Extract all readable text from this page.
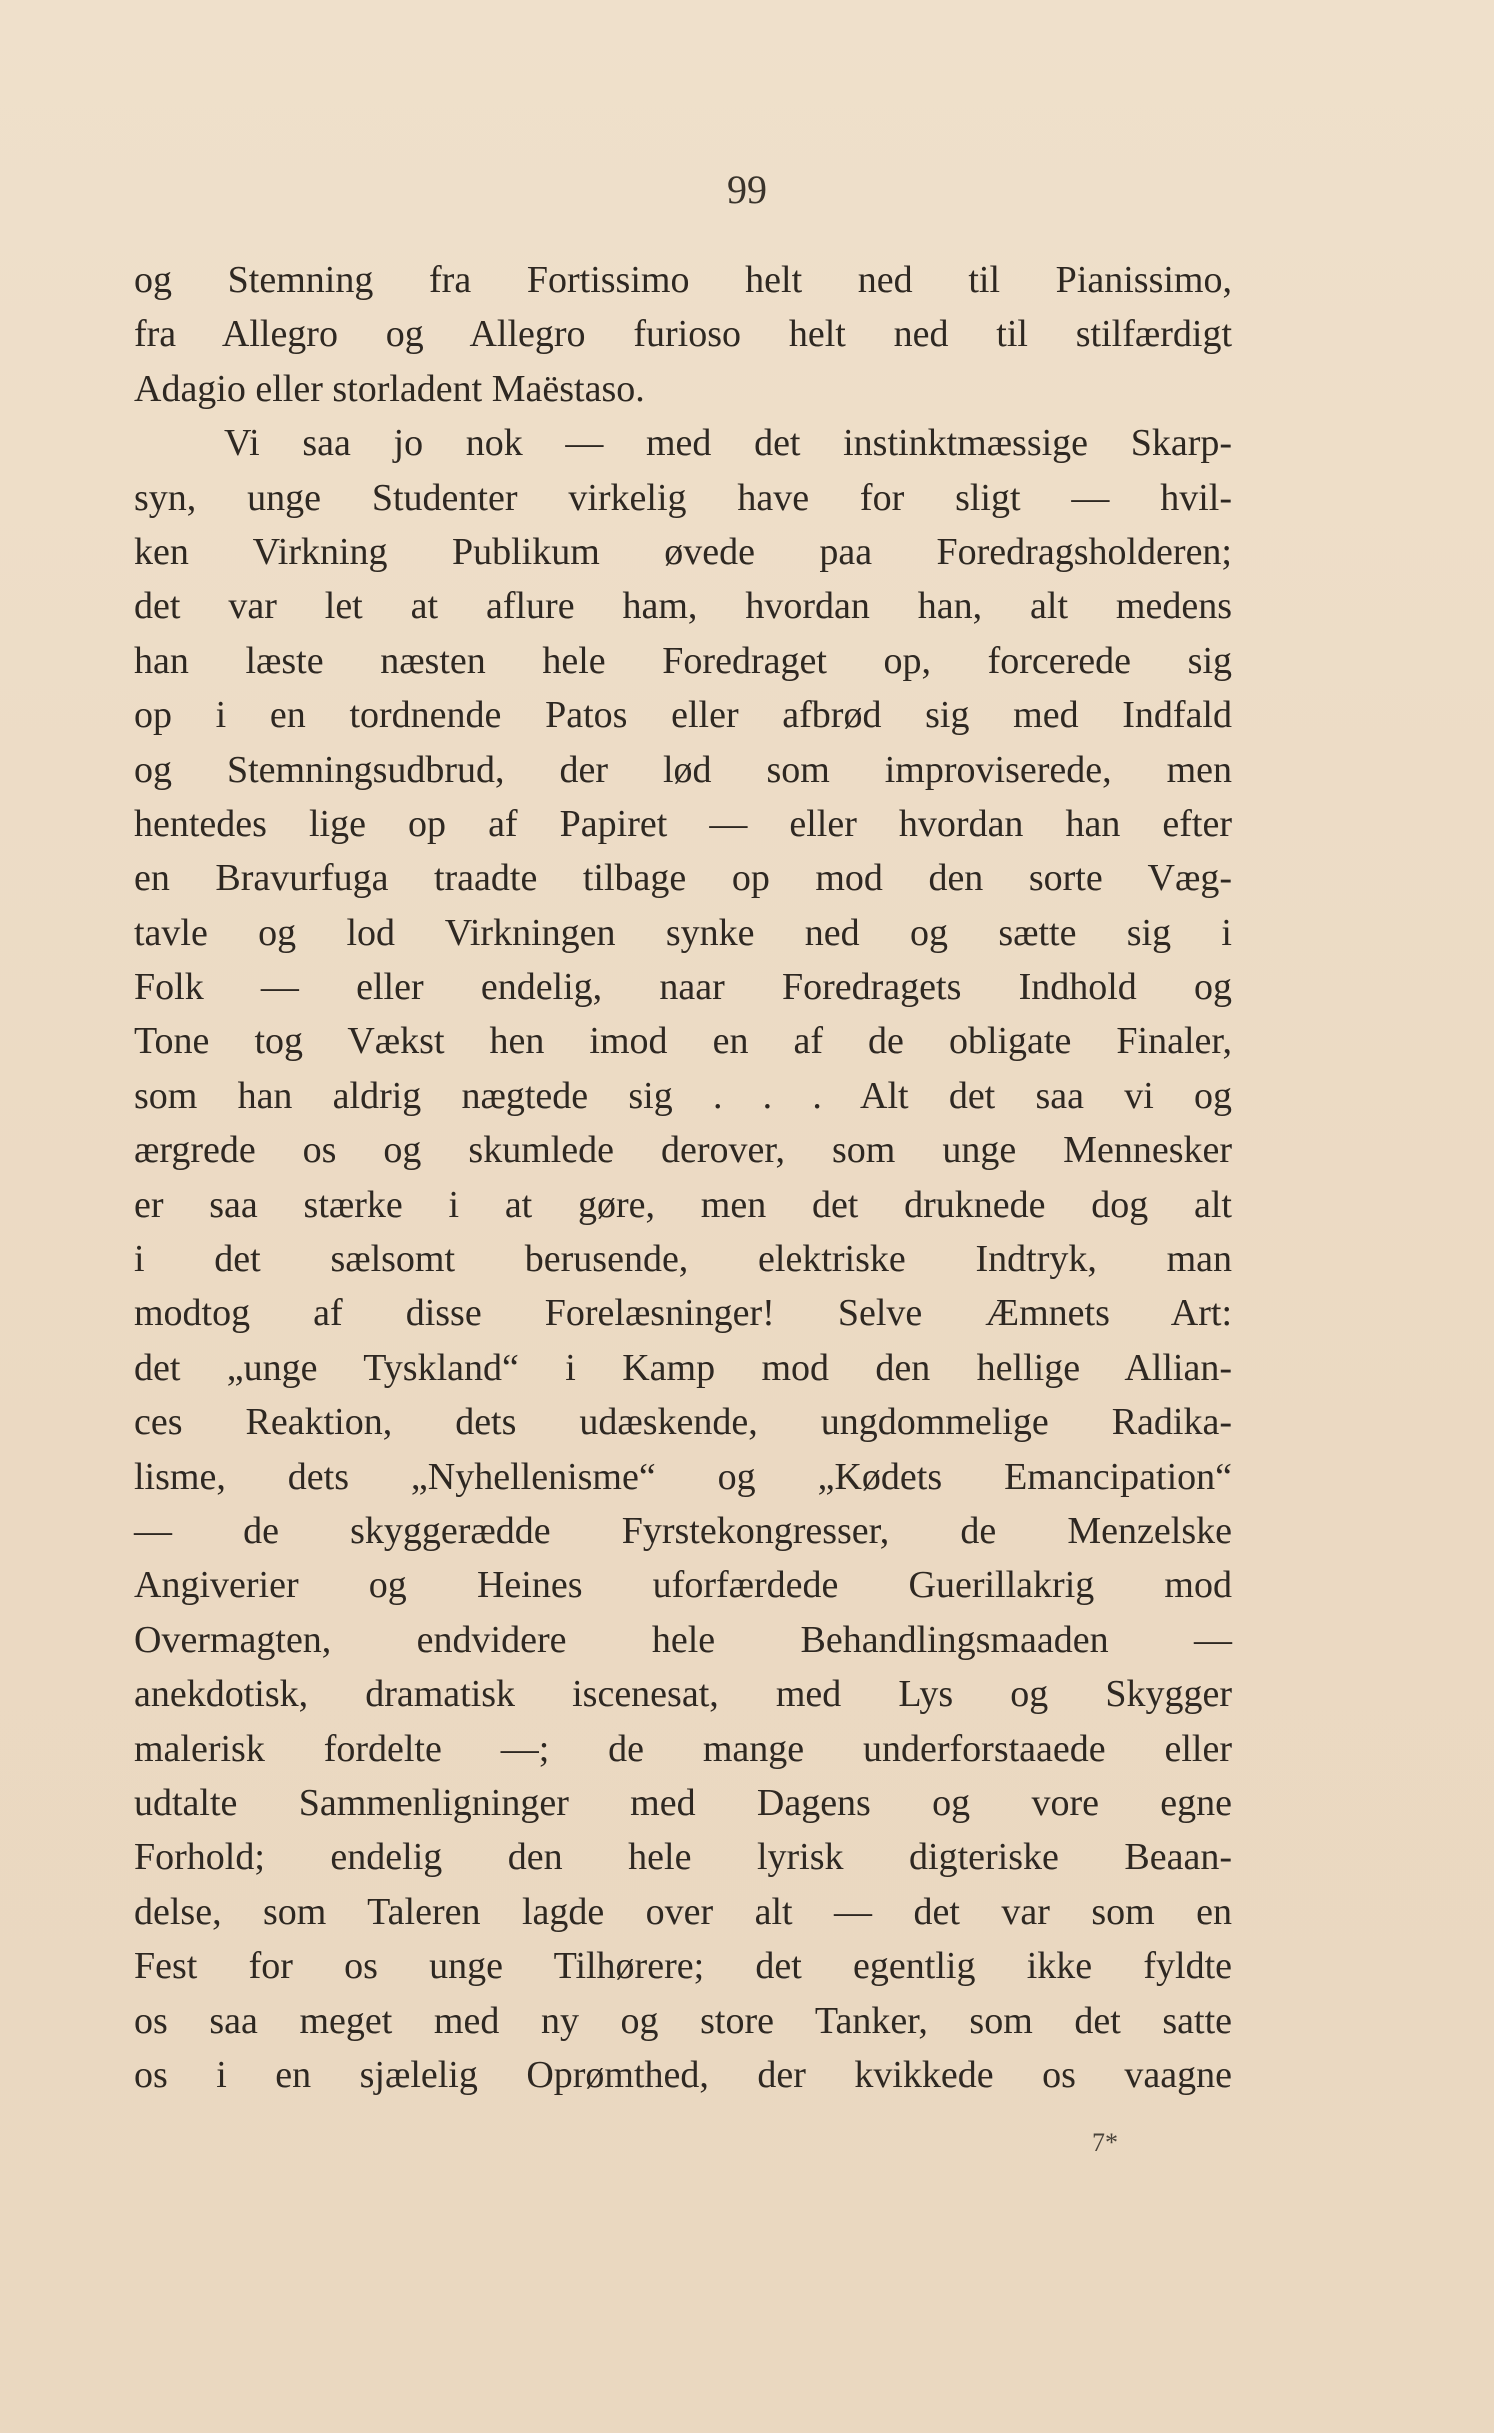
99
og Stemning fra Fortissimo helt ned til Pianissimo,
fra Allegro og Allegro furioso helt ned til stilfærdigt
Adagio eller storladent Maëstaso.
Vi saa jo nok — med det instinktmæssige Skarp-
syn, unge Studenter virkelig have for sligt — hvil-
ken Virkning Publikum øvede paa Foredragsholderen;
det var let at aflure ham, hvordan han, alt medens
han læste næsten hele Foredraget op, forcerede sig
op i en tordnende Patos eller afbrød sig med Indfald
og Stemningsudbrud, der lød som improviserede, men
hentedes lige op af Papiret — eller hvordan han efter
en Bravurfuga traadte tilbage op mod den sorte Væg-
tavle og lod Virkningen synke ned og sætte sig i
Folk — eller endelig, naar Foredragets Indhold og
Tone tog Vækst hen imod en af de obligate Finaler,
som han aldrig nægtede sig . . . Alt det saa vi og
ærgrede os og skumlede derover, som unge Mennesker
er saa stærke i at gøre, men det druknede dog alt
i det sælsomt berusende, elektriske Indtryk, man
modtog af disse Forelæsninger! Selve Æmnets Art:
det „unge Tyskland“ i Kamp mod den hellige Allian-
ces Reaktion, dets udæskende, ungdommelige Radika-
lisme, dets „Nyhellenisme“ og „Kødets Emancipation“
— de skyggerædde Fyrstekongresser, de Menzelske
Angiverier og Heines uforfærdede Guerillakrig mod
Overmagten, endvidere hele Behandlingsmaaden —
anekdotisk, dramatisk iscenesat, med Lys og Skygger
malerisk fordelte —; de mange underforstaaede eller
udtalte Sammenligninger med Dagens og vore egne
Forhold; endelig den hele lyrisk digteriske Beaan-
delse, som Taleren lagde over alt — det var som en
Fest for os unge Tilhørere; det egentlig ikke fyldte
os saa meget med ny og store Tanker, som det satte
os i en sjælelig Oprømthed, der kvikkede os vaagne
7*
